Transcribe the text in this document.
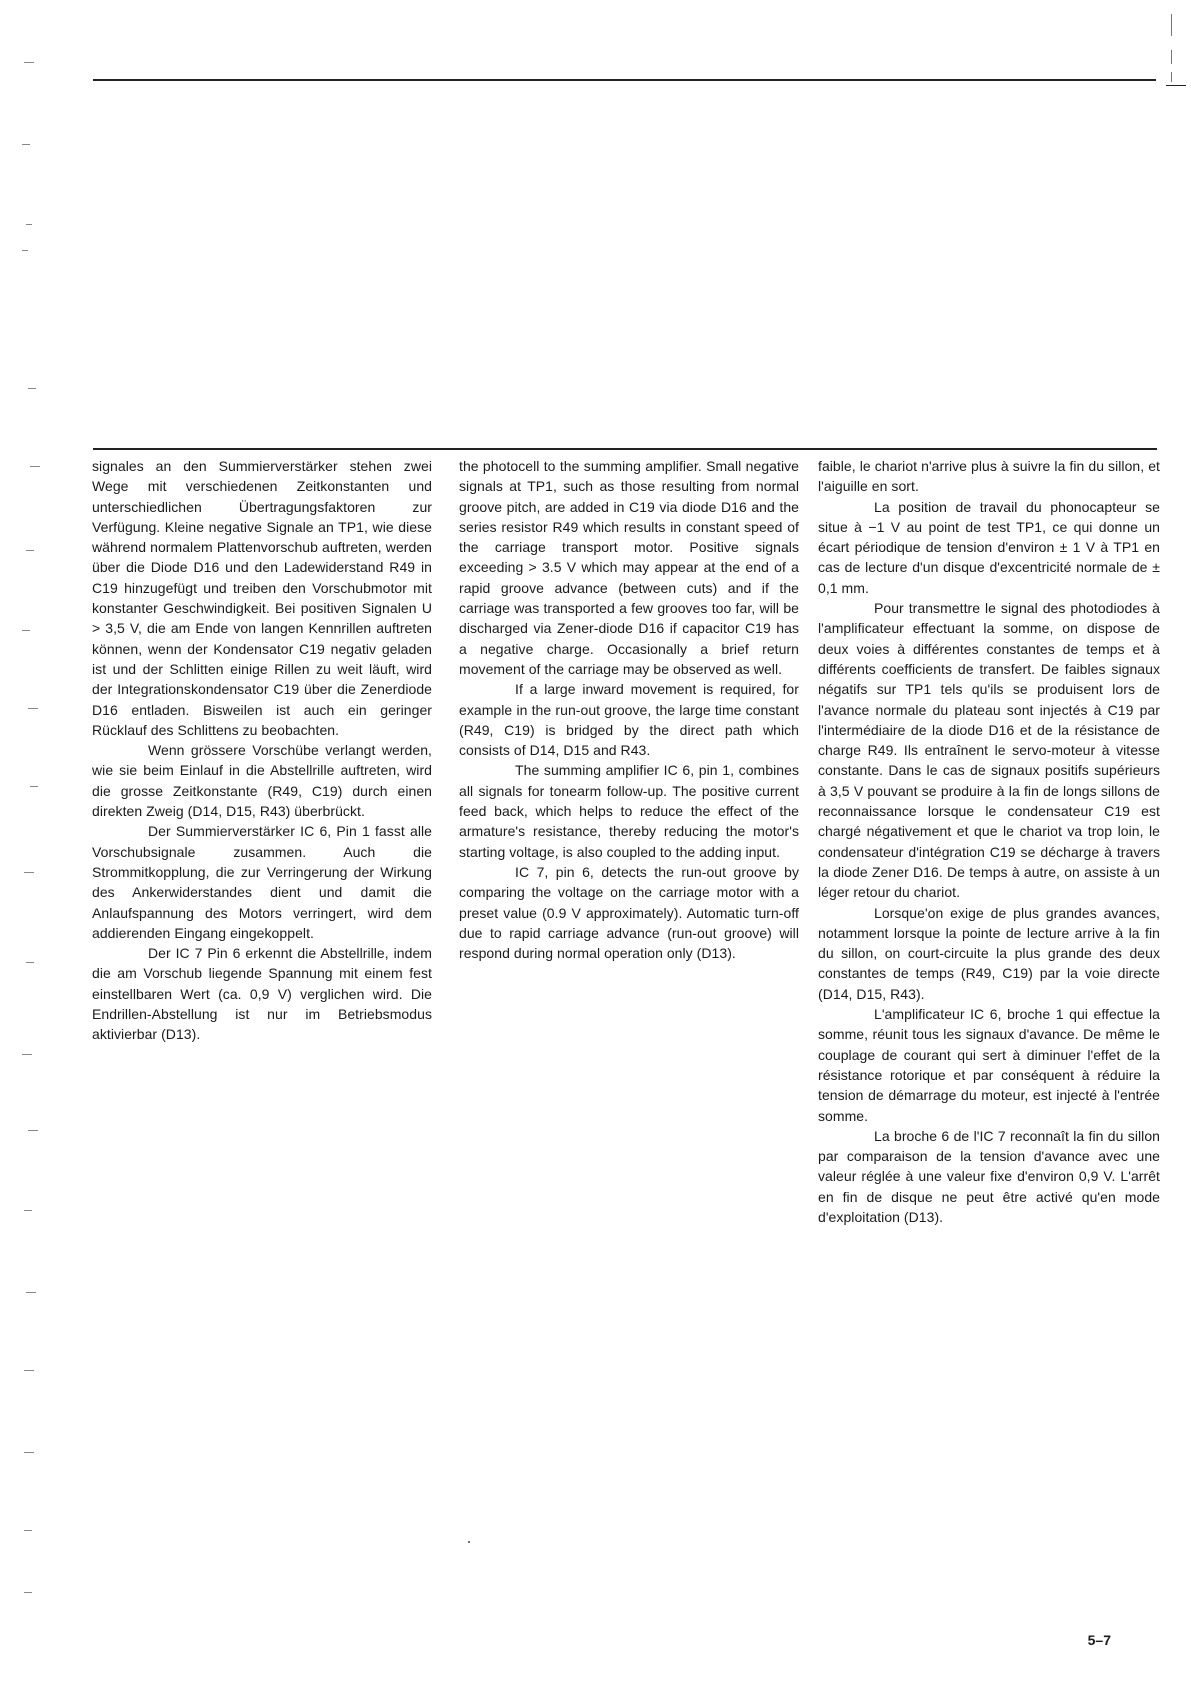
signales an den Summierverstärker stehen zwei Wege mit verschiedenen Zeitkonstanten und unterschiedlichen Übertragungsfaktoren zur Verfügung. Kleine negative Signale an TP1, wie diese während normalem Plattenvorschub auftreten, werden über die Diode D16 und den Ladewiderstand R49 in C19 hinzugefügt und treiben den Vorschubmotor mit konstanter Geschwindigkeit. Bei positiven Signalen U > 3,5 V, die am Ende von langen Kennrillen auftreten können, wenn der Kondensator C19 negativ geladen ist und der Schlitten einige Rillen zu weit läuft, wird der Integrationskondensator C19 über die Zenerdiode D16 entladen. Bisweilen ist auch ein geringer Rücklauf des Schlittens zu beobachten.

Wenn grössere Vorschübe verlangt werden, wie sie beim Einlauf in die Abstellrille auftreten, wird die grosse Zeitkonstante (R49, C19) durch einen direkten Zweig (D14, D15, R43) überbrückt.

Der Summierverstärker IC 6, Pin 1 fasst alle Vorschubsignale zusammen. Auch die Strommitkopplung, die zur Verringerung der Wirkung des Ankerwiderstandes dient und damit die Anlaufspannung des Motors verringert, wird dem addierenden Eingang eingekoppelt.

Der IC 7 Pin 6 erkennt die Abstellrille, indem die am Vorschub liegende Spannung mit einem fest einstellbaren Wert (ca. 0,9 V) verglichen wird. Die Endrillen-Abstellung ist nur im Betriebsmodus aktivierbar (D13).

the photocell to the summing amplifier. Small negative signals at TP1, such as those resulting from normal groove pitch, are added in C19 via diode D16 and the series resistor R49 which results in constant speed of the carriage transport motor. Positive signals exceeding > 3.5 V which may appear at the end of a rapid groove advance (between cuts) and if the carriage was transported a few grooves too far, will be discharged via Zener-diode D16 if capacitor C19 has a negative charge. Occasionally a brief return movement of the carriage may be observed as well.

If a large inward movement is required, for example in the run-out groove, the large time constant (R49, C19) is bridged by the direct path which consists of D14, D15 and R43.

The summing amplifier IC 6, pin 1, combines all signals for tonearm follow-up. The positive current feed back, which helps to reduce the effect of the armature's resistance, thereby reducing the motor's starting voltage, is also coupled to the adding input.

IC 7, pin 6, detects the run-out groove by comparing the voltage on the carriage motor with a preset value (0.9 V approximately). Automatic turn-off due to rapid carriage advance (run-out groove) will respond during normal operation only (D13).

faible, le chariot n'arrive plus à suivre la fin du sillon, et l'aiguille en sort.

La position de travail du phonocapteur se situe à −1 V au point de test TP1, ce qui donne un écart périodique de tension d'environ ± 1 V à TP1 en cas de lecture d'un disque d'excentricité normale de ± 0,1 mm.

Pour transmettre le signal des photodiodes à l'amplificateur effectuant la somme, on dispose de deux voies à différentes constantes de temps et à différents coefficients de transfert. De faibles signaux négatifs sur TP1 tels qu'ils se produisent lors de l'avance normale du plateau sont injectés à C19 par l'intermédiaire de la diode D16 et de la résistance de charge R49. Ils entraînent le servo-moteur à vitesse constante. Dans le cas de signaux positifs supérieurs à 3,5 V pouvant se produire à la fin de longs sillons de reconnaissance lorsque le condensateur C19 est chargé négativement et que le chariot va trop loin, le condensateur d'intégration C19 se décharge à travers la diode Zener D16. De temps à autre, on assiste à un léger retour du chariot.

Lorsque'on exige de plus grandes avances, notamment lorsque la pointe de lecture arrive à la fin du sillon, on court-circuite la plus grande des deux constantes de temps (R49, C19) par la voie directe (D14, D15, R43).

L'amplificateur IC 6, broche 1 qui effectue la somme, réunit tous les signaux d'avance. De même le couplage de courant qui sert à diminuer l'effet de la résistance rotorique et par conséquent à réduire la tension de démarrage du moteur, est injecté à l'entrée somme.

La broche 6 de l'IC 7 reconnaît la fin du sillon par comparaison de la tension d'avance avec une valeur réglée à une valeur fixe d'environ 0,9 V. L'arrêt en fin de disque ne peut être activé qu'en mode d'exploitation (D13).

5–7
